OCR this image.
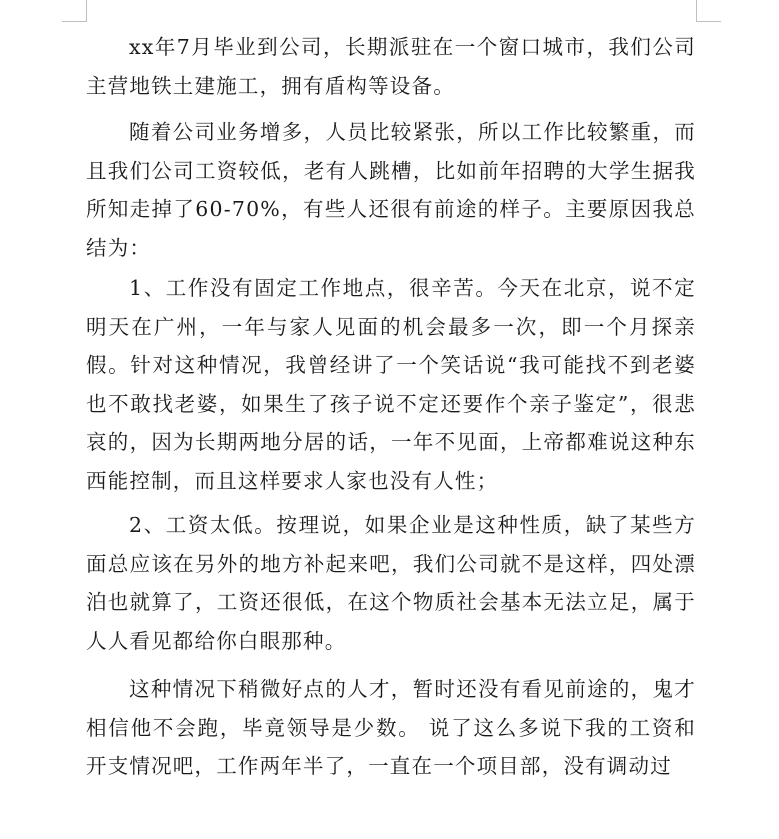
xx年7月毕业到公司，长期派驻在一个窗口城市，我们公司主营地铁土建施工，拥有盾构等设备。

随着公司业务增多，人员比较紧张，所以工作比较繁重，而且我们公司工资较低，老有人跳槽，比如前年招聘的大学生据我所知走掉了60-70%，有些人还很有前途的样子。主要原因我总结为：

1、工作没有固定工作地点，很辛苦。今天在北京，说不定明天在广州，一年与家人见面的机会最多一次，即一个月探亲假。针对这种情况，我曾经讲了一个笑话说“我可能找不到老婆也不敢找老婆，如果生了孩子说不定还要作个亲子鉴定”，很悲哀的，因为长期两地分居的话，一年不见面，上帝都难说这种东西能控制，而且这样要求人家也没有人性；

2、工资太低。按理说，如果企业是这种性质，缺了某些方面总应该在另外的地方补起来吧，我们公司就不是这样，四处漂泊也就算了，工资还很低，在这个物质社会基本无法立足，属于人人看见都给你白眼那种。

这种情况下稍微好点的人才，暂时还没有看见前途的，鬼才相信他不会跑，毕竟领导是少数。 说了这么多说下我的工资和开支情况吧，工作两年半了，一直在一个项目部，没有调动过
